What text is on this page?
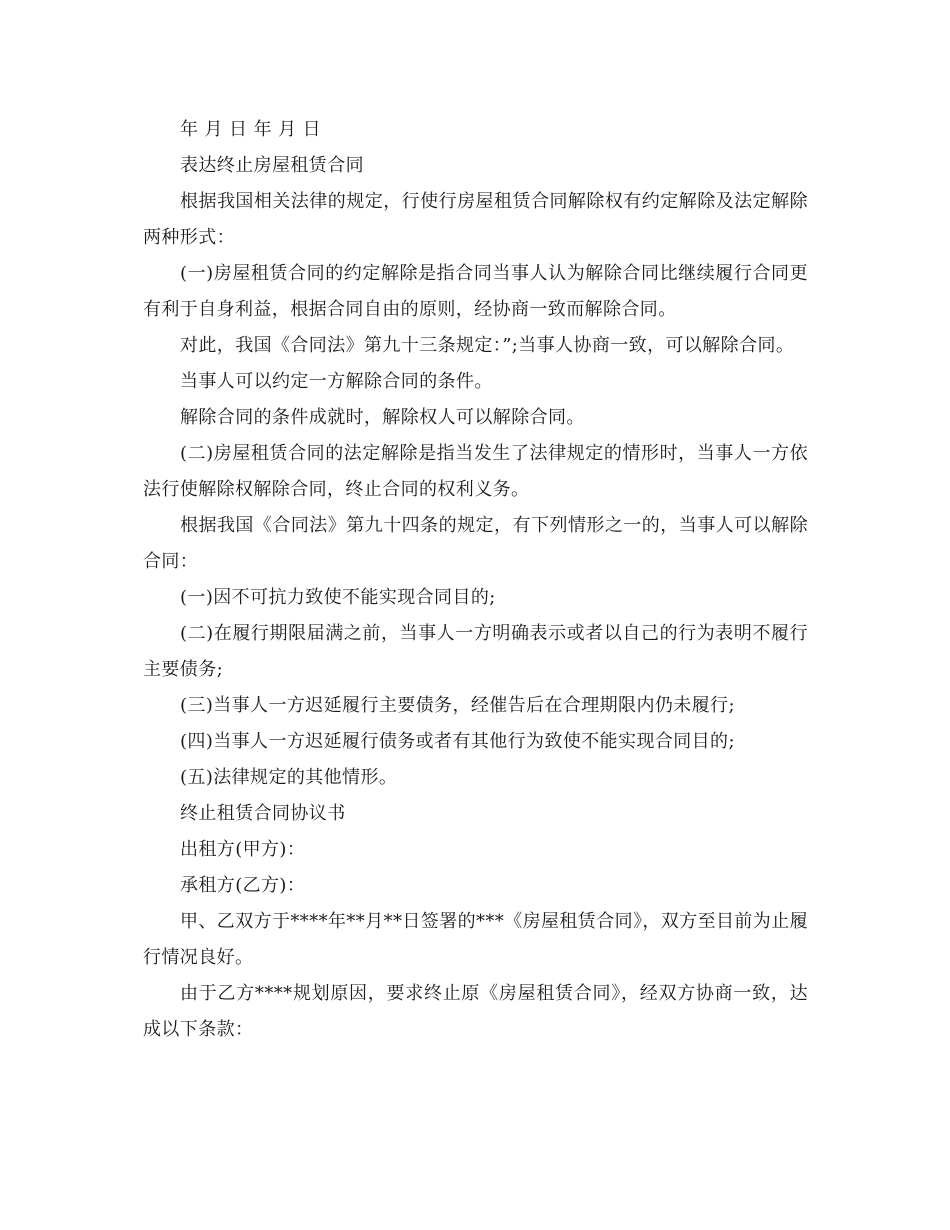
年 月 日 年 月 日

表达终止房屋租赁合同

根据我国相关法律的规定，行使行房屋租赁合同解除权有约定解除及法定解除两种形式：

(一)房屋租赁合同的约定解除是指合同当事人认为解除合同比继续履行合同更有利于自身利益，根据合同自由的原则，经协商一致而解除合同。

对此，我国《合同法》第九十三条规定：”;当事人协商一致，可以解除合同。

当事人可以约定一方解除合同的条件。

解除合同的条件成就时，解除权人可以解除合同。

(二)房屋租赁合同的法定解除是指当发生了法律规定的情形时，当事人一方依法行使解除权解除合同，终止合同的权利义务。

根据我国《合同法》第九十四条的规定，有下列情形之一的，当事人可以解除合同：

(一)因不可抗力致使不能实现合同目的;

(二)在履行期限届满之前，当事人一方明确表示或者以自己的行为表明不履行主要债务;

(三)当事人一方迟延履行主要债务，经催告后在合理期限内仍未履行;

(四)当事人一方迟延履行债务或者有其他行为致使不能实现合同目的;

(五)法律规定的其他情形。

终止租赁合同协议书

出租方(甲方)：

承租方(乙方)：

甲、乙双方于****年**月**日签署的***《房屋租赁合同》，双方至目前为止履行情况良好。

由于乙方****规划原因，要求终止原《房屋租赁合同》，经双方协商一致，达成以下条款：
